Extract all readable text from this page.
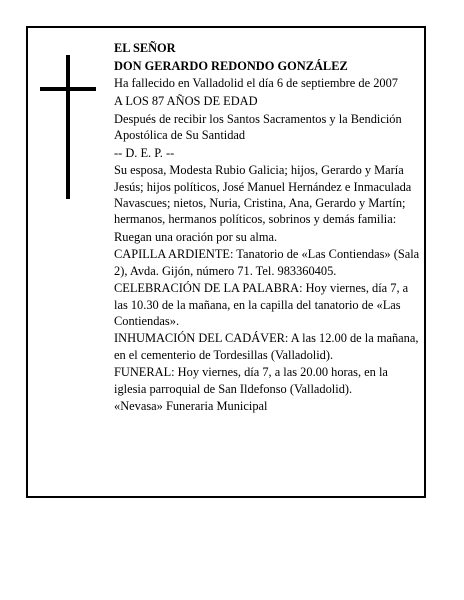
EL SEÑOR

DON GERARDO REDONDO GONZÁLEZ

Ha fallecido en Valladolid el día 6 de septiembre de 2007

A LOS 87 AÑOS DE EDAD

Después de recibir los Santos Sacramentos y la Bendición Apostólica de Su Santidad

-- D. E. P. --

Su esposa, Modesta Rubio Galicia; hijos, Gerardo y María Jesús; hijos políticos, José Manuel Hernández e Inmaculada Navascues; nietos, Nuria, Cristina, Ana, Gerardo y Martín; hermanos, hermanos políticos, sobrinos y demás familia:

Ruegan una oración por su alma.

CAPILLA ARDIENTE: Tanatorio de «Las Contiendas» (Sala 2), Avda. Gijón, número 71. Tel. 983360405.

CELEBRACIÓN DE LA PALABRA: Hoy viernes, día 7, a las 10.30 de la mañana, en la capilla del tanatorio de «Las Contiendas».

INHUMACIÓN DEL CADÁVER: A las 12.00 de la mañana, en el cementerio de Tordesillas (Valladolid).

FUNERAL: Hoy viernes, día 7, a las 20.00 horas, en la iglesia parroquial de San Ildefonso (Valladolid).

«Nevasa» Funeraria Municipal
